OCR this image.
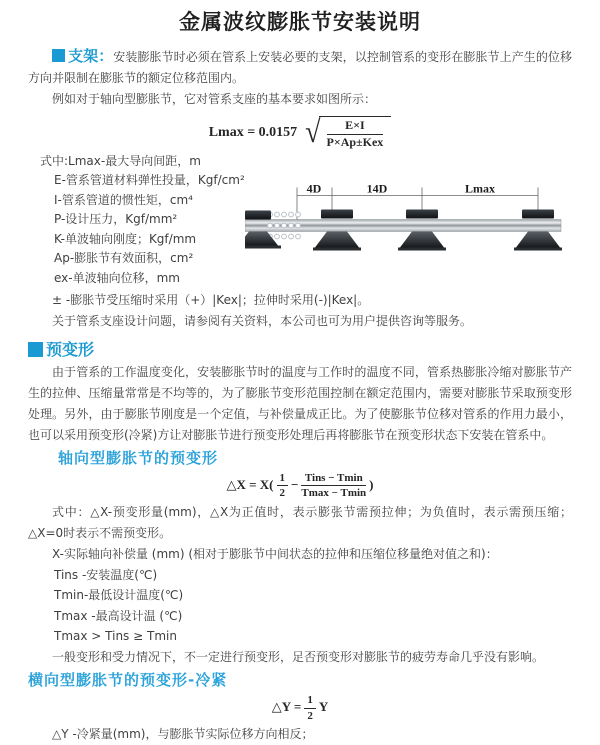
金属波纹膨胀节安装说明

支架：安装膨胀节时必须在管系上安装必要的支架，以控制管系的变形在膨胀节上产生的位移方向并限制在膨胀节的额定位移范围内。

例如对于轴向型膨胀节，它对管系支座的基本要求如图所示：

Lmax = 0.0157 √ $\frac{E\times I}{\text{P×Ap±Kex}}$
式中:Lmax-最大导向间距，m
E-管系管道材料弹性投量，Kgf/cm²
I-管系管道的惯性矩，cm⁴
P-设计压力，Kgf/mm²
K-单波轴向刚度；Kgf/mm
Ap-膨胀节有效面积，cm²
ex-单波轴向位移，mm
4D	14D	Lmax

± -膨胀节受压缩时采用（+）|Kex|；拉伸时采用(-)|Kex|。

关于管系支座设计问题，请参阅有关资料，本公司也可为用户提供咨询等服务。

预变形

由于管系的工作温度变化，安装膨胀节时的温度与工作时的温度不同，管系热膨胀冷缩对膨胀节产生的拉伸、压缩量常常是不均等的，为了膨胀节变形范围控制在额定范围内，需要对膨胀节采取预变形处理。另外，由于膨胀节刚度是一个定值，与补偿量成正比。为了使膨胀节位移对管系的作用力最小，也可以采用预变形(冷紧)方让对膨胀节进行预变形处理后再将膨胀节在预变形状态下安装在管系中。

轴向型膨胀节的预变形
△X = $X( \frac{1}{2} - \frac{\text{Tins − Tmin}}{Tmax - Tmin}$ )

式中：△X-预变形量(mm)，△X为正值时，表示膨张节需预拉伸；为负值时，表示需预压缩；△X=0时表示不需预变形。

X-实际轴向补偿量 (mm) (相对于膨胀节中间状态的拉伸和压缩位移量绝对值之和)：

Tins -安装温度(℃)
Tmin-最低设计温度(℃)
Tmax -最高设计温 (℃)
Tmax > Tins ≥ Tmin

一般变形和受力情况下，不一定进行预变形，足否预变形对膨胀节的疲劳寿命几乎没有影响。

横向型膨胀节的预变形-冷紧
△Y = $\frac{1}{2}$ Y

△Y -冷紧量(mm)，与膨胀节实际位移方向相反；
